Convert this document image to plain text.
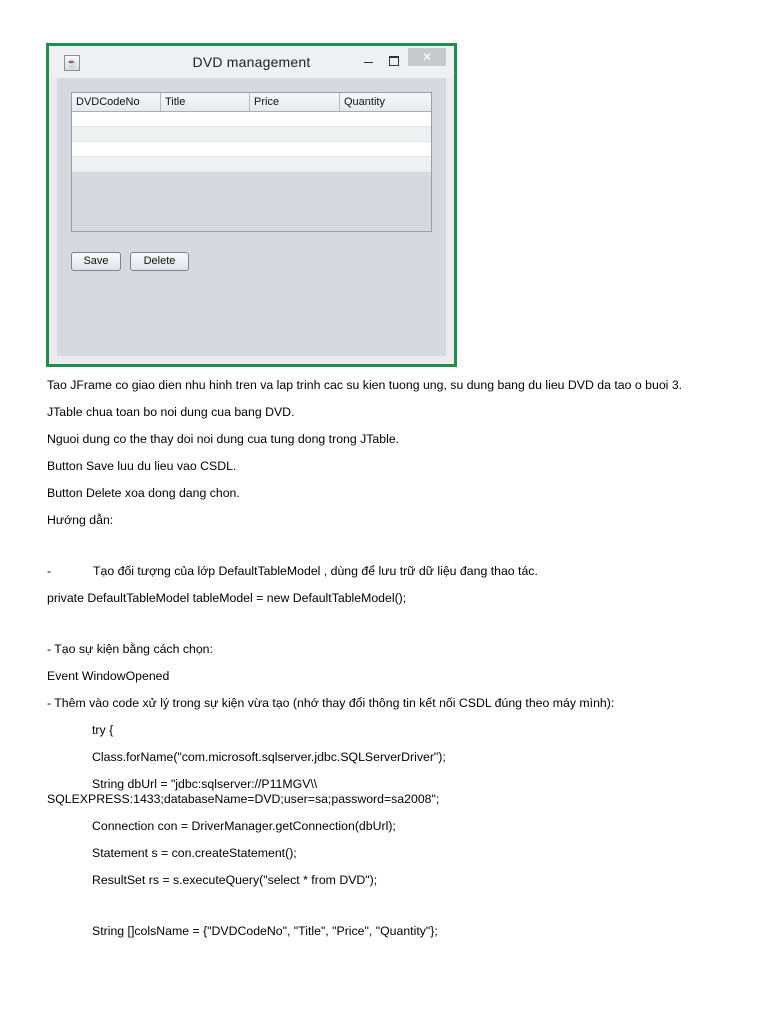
☕	DVD management	✕
DVDCodeNo	Title	Price	Quantity
Save	Delete

Tao JFrame co giao dien nhu hinh tren va lap trinh cac su kien tuong ung, su dung bang du lieu DVD da tao o buoi 3.

JTable chua toan bo noi dung cua bang DVD.

Nguoi dung co the thay doi noi dung cua tung dong trong JTable.

Button Save luu du lieu vao CSDL.

Button Delete xoa dong dang chon.

Hướng dẫn:

-	Tạo đối tượng của lớp DefaultTableModel , dùng để lưu trữ dữ liệu đang thao tác.

private DefaultTableModel tableModel = new DefaultTableModel();

- Tạo sự kiện bằng cách chọn:

Event WindowOpened

- Thêm vào code xử lý trong sự kiện vừa tạo (nhớ thay đổi thông tin kết nối CSDL đúng theo máy mình):

try {

Class.forName("com.microsoft.sqlserver.jdbc.SQLServerDriver");

String dbUrl = "jdbc:sqlserver://P11MGV\\

SQLEXPRESS:1433;databaseName=DVD;user=sa;password=sa2008";

Connection con = DriverManager.getConnection(dbUrl);

Statement s = con.createStatement();

ResultSet rs = s.executeQuery("select * from DVD");

String []colsName = {"DVDCodeNo", "Title", "Price", "Quantity"};
